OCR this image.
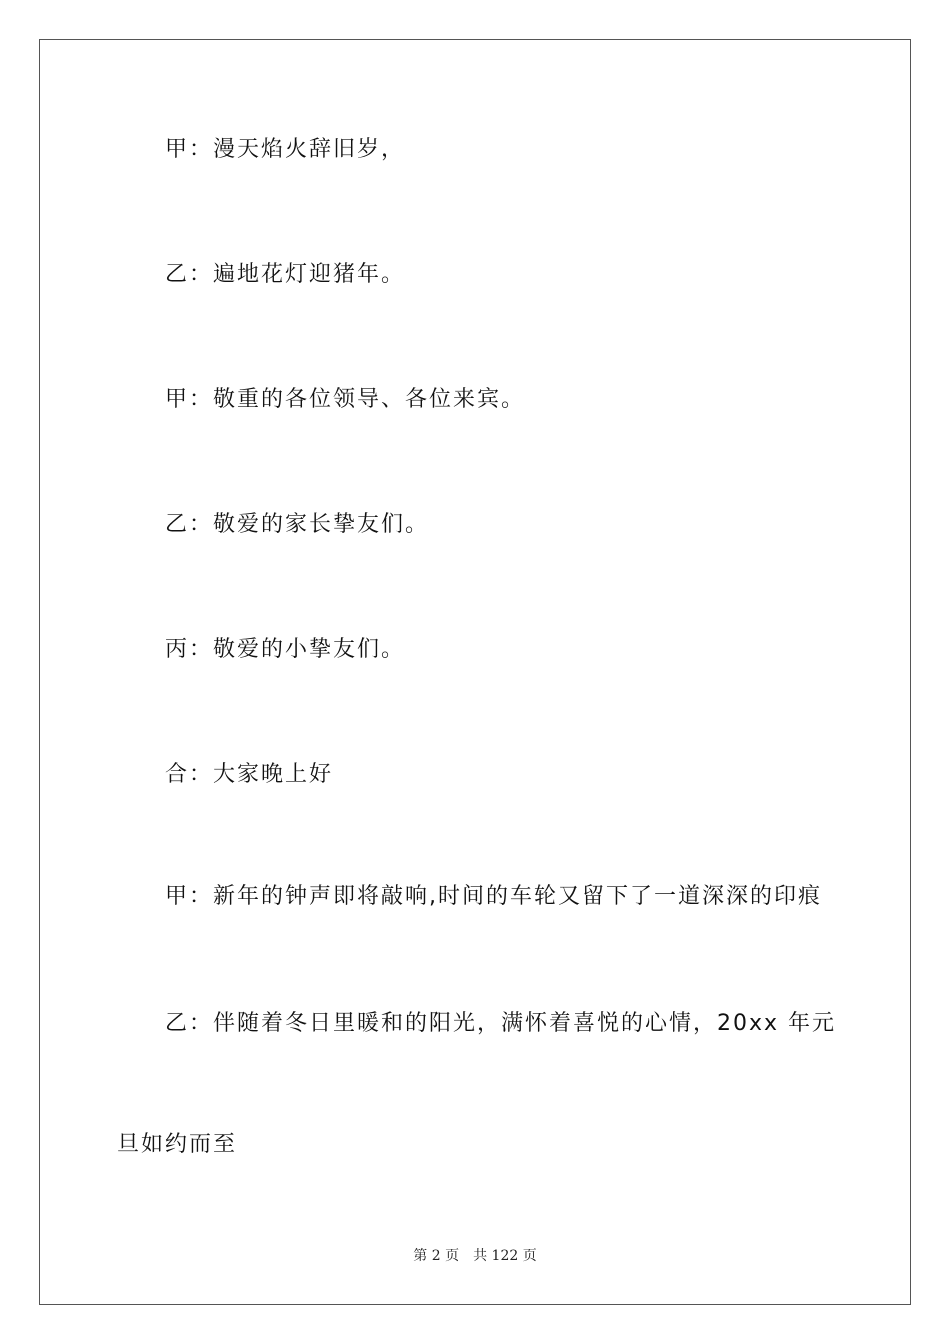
甲：漫天焰火辞旧岁，
乙：遍地花灯迎猪年。
甲：敬重的各位领导、各位来宾。
乙：敬爱的家长挚友们。
丙：敬爱的小挚友们。
合：大家晚上好
甲：新年的钟声即将敲响,时间的车轮又留下了一道深深的印痕
乙：伴随着冬日里暖和的阳光，满怀着喜悦的心情，20xx 年元
旦如约而至
第 2 页 共 122 页
